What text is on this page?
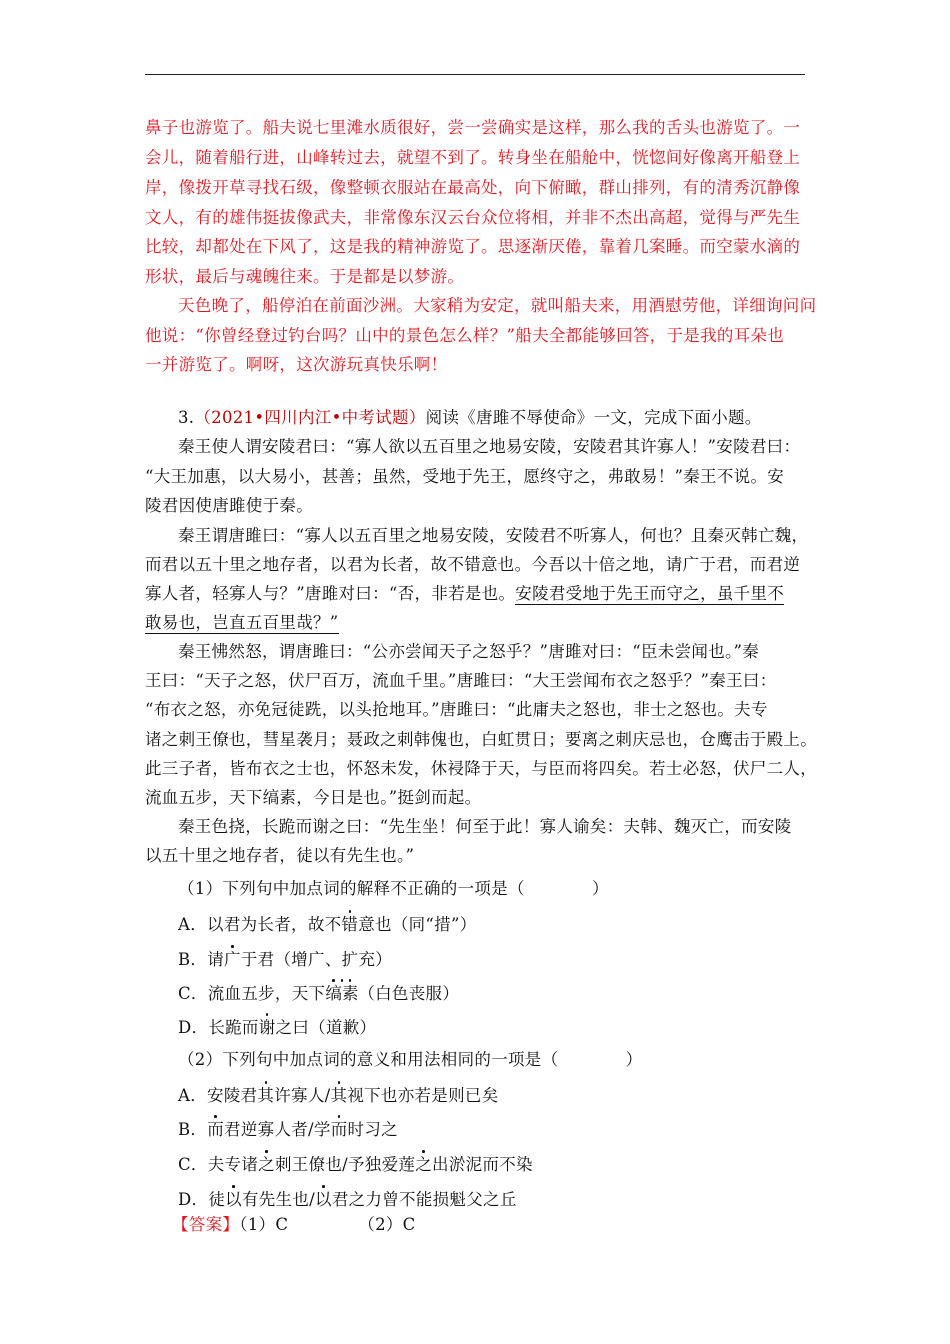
鼻子也游览了。船夫说七里滩水质很好，尝一尝确实是这样，那么我的舌头也游览了。一
会儿，随着船行进，山峰转过去，就望不到了。转身坐在船舱中，恍惚间好像离开船登上
岸，像拨开草寻找石级，像整顿衣服站在最高处，向下俯瞰，群山排列，有的清秀沉静像
文人，有的雄伟挺拔像武夫，非常像东汉云台众位将相，并非不杰出高超，觉得与严先生
比较，却都处在下风了，这是我的精神游览了。思逐渐厌倦，靠着几案睡。而空蒙水滴的
形状，最后与魂魄往来。于是都是以梦游。
天色晚了，船停泊在前面沙洲。大家稍为安定，就叫船夫来，用酒慰劳他，详细询问问
他说：“你曾经登过钓台吗？山中的景色怎么样？”船夫全都能够回答，于是我的耳朵也
一并游览了。啊呀，这次游玩真快乐啊！
3.（2021•四川内江•中考试题）阅读《唐雎不辱使命》一文，完成下面小题。
秦王使人谓安陵君曰：“寡人欲以五百里之地易安陵，安陵君其许寡人！”安陵君曰：
“大王加惠，以大易小，甚善；虽然，受地于先王，愿终守之，弗敢易！”秦王不说。安
陵君因使唐雎使于秦。
秦王谓唐雎曰：“寡人以五百里之地易安陵，安陵君不听寡人，何也？且秦灭韩亡魏，
而君以五十里之地存者，以君为长者，故不错意也。今吾以十倍之地，请广于君，而君逆
寡人者，轻寡人与？”唐雎对曰：“否，非若是也。安陵君受地于先王而守之，虽千里不
敢易也，岂直五百里哉？”
秦王怫然怒，谓唐雎曰：“公亦尝闻天子之怒乎？”唐雎对曰：“臣未尝闻也。”秦
王曰：“天子之怒，伏尸百万，流血千里。”唐雎曰：“大王尝闻布衣之怒乎？”秦王曰：
“布衣之怒，亦免冠徒跣，以头抢地耳。”唐雎曰：“此庸夫之怒也，非士之怒也。夫专
诸之刺王僚也，彗星袭月；聂政之刺韩傀也，白虹贯日；要离之刺庆忌也，仓鹰击于殿上。
此三子者，皆布衣之士也，怀怒未发，休祲降于天，与臣而将四矣。若士必怒，伏尸二人，
流血五步，天下缟素，今日是也。”挺剑而起。
秦王色挠，长跪而谢之曰：“先生坐！何至于此！寡人谕矣：夫韩、魏灭亡，而安陵
以五十里之地存者，徒以有先生也。”
（1）下列句中加点词的解释不正确的一项是（　　　　）
A．以君为长者，故不错意也（同“措”）
B．请广于君（增广、扩充）
C．流血五步，天下缟素（白色丧服）
D．长跪而谢之曰（道歉）
（2）下列句中加点词的意义和用法相同的一项是（　　　　）
A．安陵君其许寡人/其视下也亦若是则已矣
B．而君逆寡人者/学而时习之
C．夫专诸之刺王僚也/予独爱莲之出淤泥而不染
D．徒以有先生也/以君之力曾不能损魁父之丘
【答案】（1）C	（2）C
